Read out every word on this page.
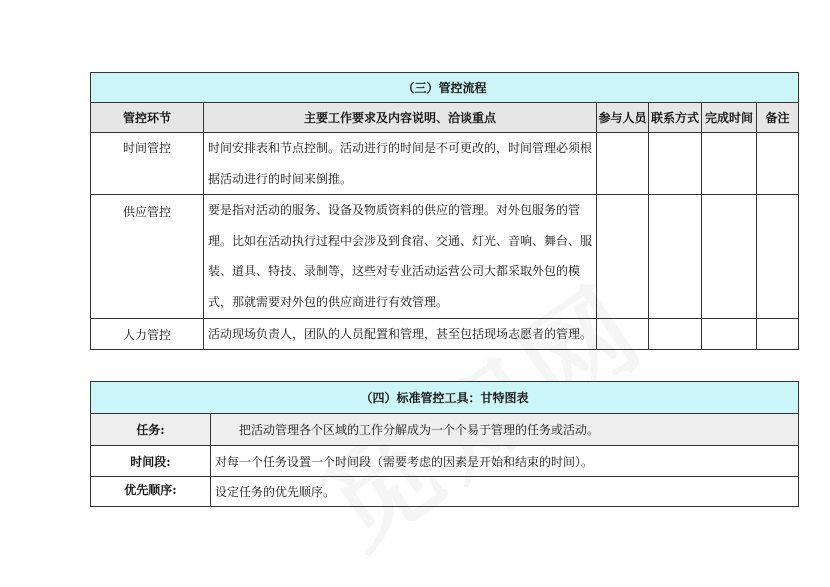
（三）管控流程					
管控环节	主要工作要求及内容说明、洽谈重点	参与人员	联系方式	完成时间	备注
时间管控	时间安排表和节点控制。活动进行的时间是不可更改的，时间管理必须根据活动进行的时间来倒推。				
供应管控	要是指对活动的服务、设备及物质资料的供应的管理。对外包服务的管理。比如在活动执行过程中会涉及到食宿、交通、灯光、音响、舞台、服装、道具、特技、录制等，这些对专业活动运营公司大都采取外包的模式，那就需要对外包的供应商进行有效管理。				
人力管控	活动现场负责人，团队的人员配置和管理，甚至包括现场志愿者的管理。				
（四）标准管控工具：甘特图表	
任务:	把活动管理各个区域的工作分解成为一个个易于管理的任务或活动。
时间段:	对每一个任务设置一个时间段（需要考虑的因素是开始和结束的时间）。
优先顺序:	设定任务的优先顺序。
